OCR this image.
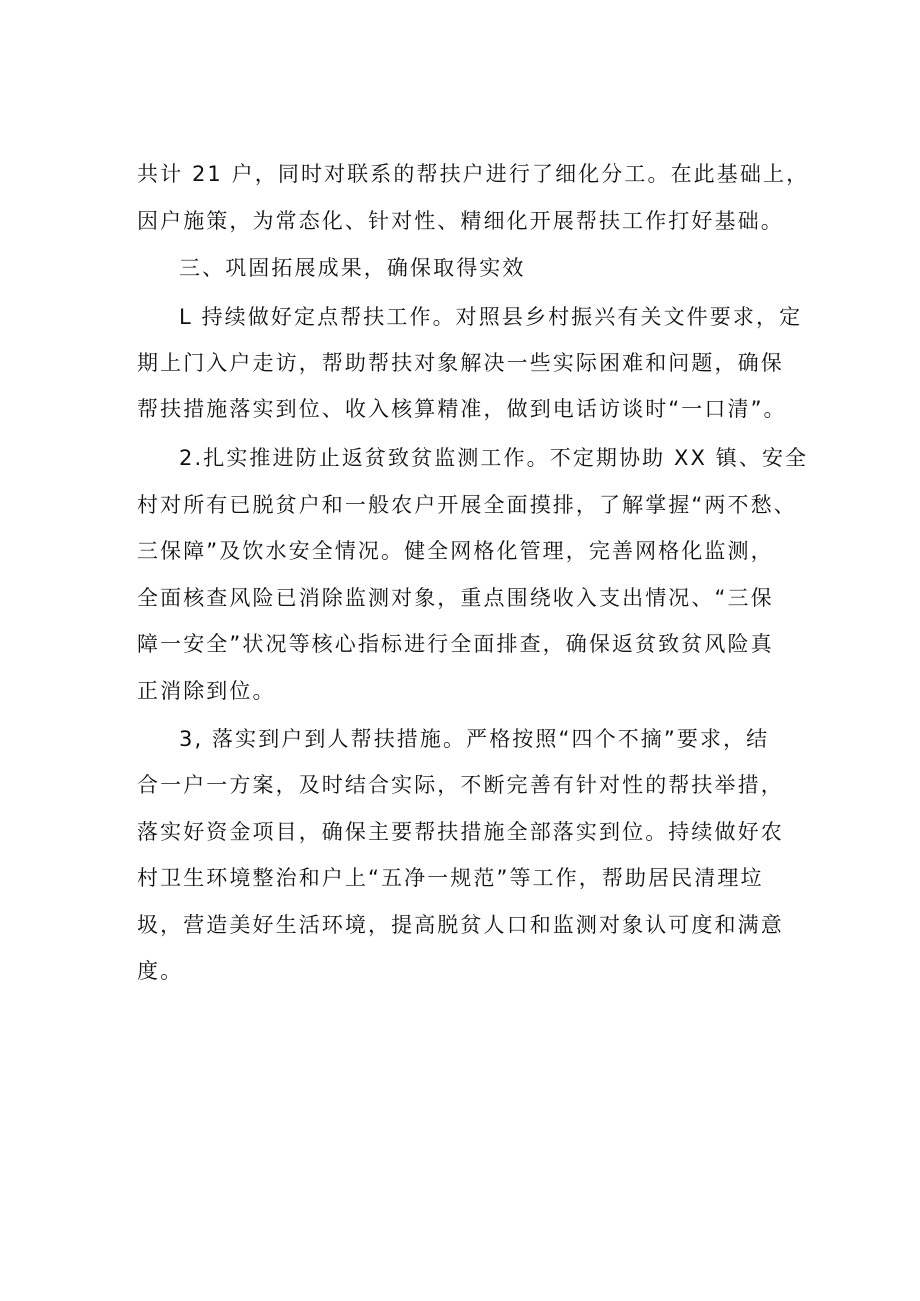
共计 21 户，同时对联系的帮扶户进行了细化分工。在此基础上，
因户施策，为常态化、针对性、精细化开展帮扶工作打好基础。
三、巩固拓展成果，确保取得实效
L 持续做好定点帮扶工作。对照县乡村振兴有关文件要求，定
期上门入户走访，帮助帮扶对象解决一些实际困难和问题，确保
帮扶措施落实到位、收入核算精准，做到电话访谈时“一口清”。
2.扎实推进防止返贫致贫监测工作。不定期协助 XX 镇、安全
村对所有已脱贫户和一般农户开展全面摸排，了解掌握“两不愁、
三保障”及饮水安全情况。健全网格化管理，完善网格化监测，
全面核查风险已消除监测对象，重点围绕收入支出情况、“三保
障一安全”状况等核心指标进行全面排查，确保返贫致贫风险真
正消除到位。
3, 落实到户到人帮扶措施。严格按照“四个不摘”要求，结
合一户一方案，及时结合实际，不断完善有针对性的帮扶举措，
落实好资金项目，确保主要帮扶措施全部落实到位。持续做好农
村卫生环境整治和户上“五净一规范”等工作，帮助居民清理垃
圾，营造美好生活环境，提高脱贫人口和监测对象认可度和满意
度。
